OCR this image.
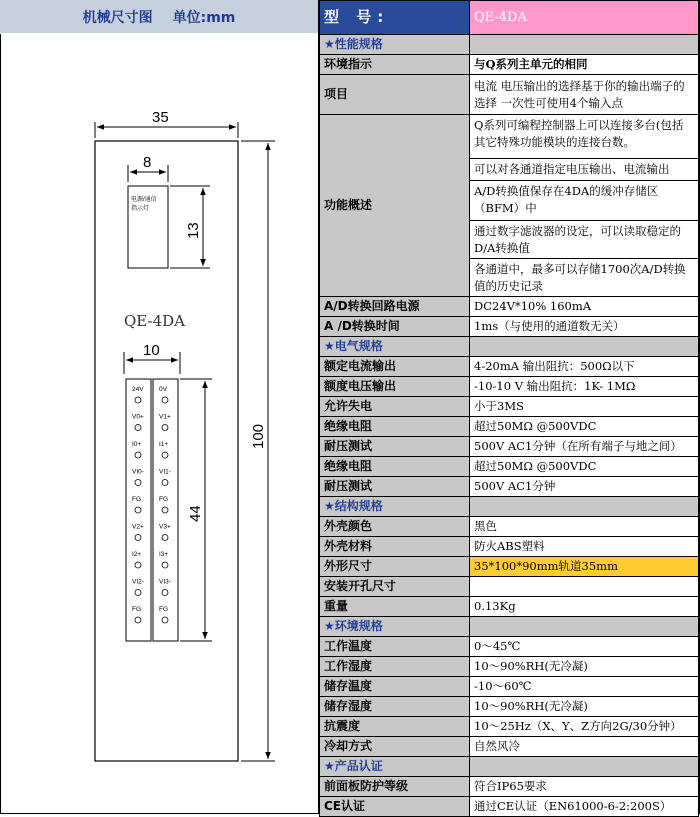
机械尺寸图 单位:mm
35
100
电源/通信
指示灯
8
13
QE-4DA
10
24V
V0+
I0+
VI0-
FG
V2+
I2+
VI2-
FG
0V
V1+
I1+
VI1-
FG
V3+
I3+
VI3-
FG
44
型 号:	QE-4DA
★性能规格	
环境指示	与Q系列主单元的相同
项目	电流 电压输出的选择基于你的输出端子的选择 一次性可使用4个输入点
功能概述	Q系列可编程控制器上可以连接多台(包括其它特殊功能模块的连接台数。
可以对各通道指定电压输出、电流输出
A/D转换值保存在4DA的缓冲存储区（BFM）中
通过数字滤波器的设定，可以读取稳定的D/A转换值
各通道中，最多可以存储1700次A/D转换值的历史记录

A/D转换回路电源	DC24V*10% 160mA
A /D转换时间	1ms（与使用的通道数无关）
★电气规格	
额定电流输出	4-20mA 输出阻抗：500Ω以下
额度电压输出	-10-10 V 输出阻抗：1K- 1MΩ
允许失电	小于3MS
绝缘电阻	超过50MΩ @500VDC
耐压测试	500V AC1分钟（在所有端子与地之间）
绝缘电阻	超过50MΩ @500VDC
耐压测试	500V AC1分钟
★结构规格	
外壳颜色	黑色
外壳材料	防火ABS塑料
外形尺寸	35*100*90mm轨道35mm
安装开孔尺寸	
重量	0.13Kg
★环境规格	
工作温度	0～45℃
工作湿度	10～90%RH(无冷凝)
储存温度	-10～60℃
储存湿度	10～90%RH(无冷凝)
抗震度	10～25Hz（X、Y、Z方向2G/30分钟）
冷却方式	自然风冷
★产品认证	
前面板防护等级	符合IP65要求
CE认证	通过CE认证（EN61000-6-2:200S）
